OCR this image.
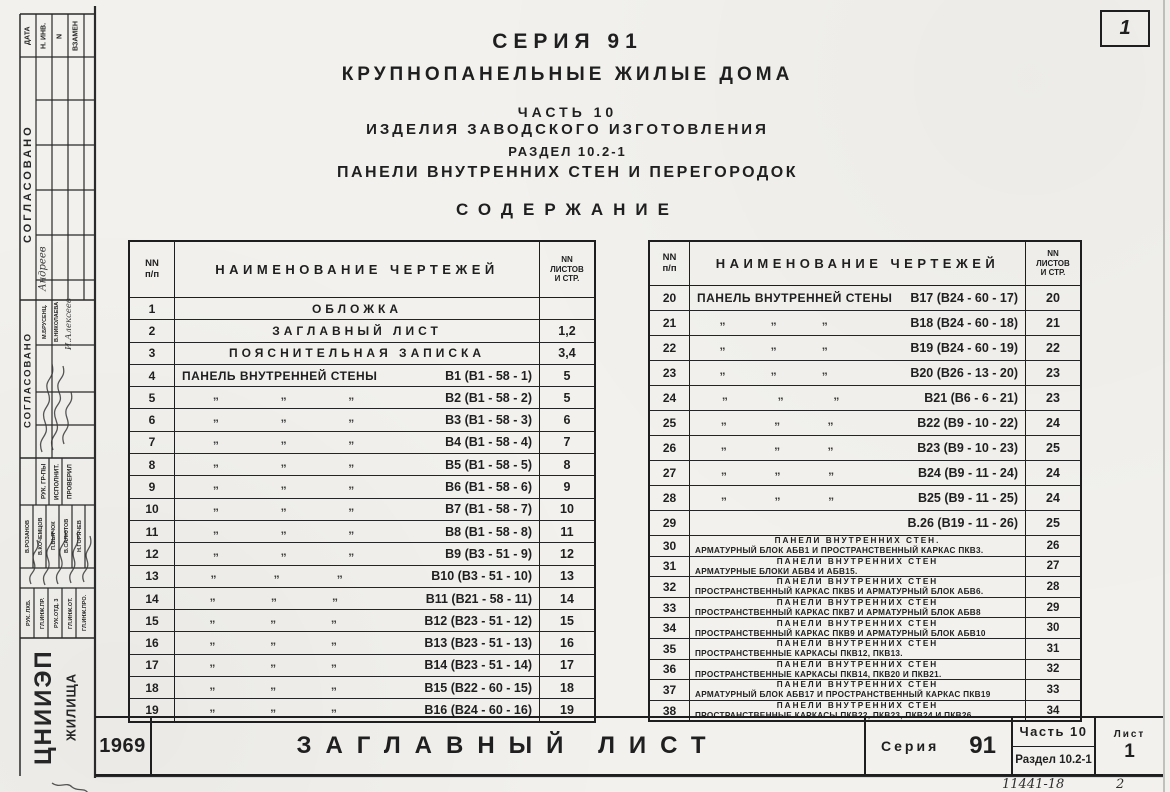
1
СЕРИЯ 91
КРУПНОПАНЕЛЬНЫЕ ЖИЛЫЕ ДОМА
ЧАСТЬ 10
ИЗДЕЛИЯ ЗАВОДСКОГО ИЗГОТОВЛЕНИЯ
РАЗДЕЛ 10.2-1
ПАНЕЛИ ВНУТРЕННИХ СТЕН И ПЕРЕГОРОДОК
СОДЕРЖАНИЕ
NN
п/п	НАИМЕНОВАНИЕ ЧЕРТЕЖЕЙ
NN
ЛИСТОВ
И СТР.
1	ОБЛОЖКА
2	ЗАГЛАВНЫЙ ЛИСТ	1,2
3	ПОЯСНИТЕЛЬНАЯ ЗАПИСКА	3,4
4	ПАНЕЛЬ ВНУТРЕННЕЙ СТЕНЫ	В1 (В1 - 58 - 1)	5
5	„	„	„	В2 (В1 - 58 - 2)	5
6	„	„	„	В3 (В1 - 58 - 3)	6
7	„	„	„	В4 (В1 - 58 - 4)	7
8	„	„	„	В5 (В1 - 58 - 5)	8
9	„	„	„	В6 (В1 - 58 - 6)	9
10	„	„	„	В7 (В1 - 58 - 7)	10
11	„	„	„	В8 (В1 - 58 - 8)	11
12	„	„	„	В9 (В3 - 51 - 9)	12
13	„	„	„	В10 (В3 - 51 - 10)	13
14	„	„	„	В11 (В21 - 58 - 11)	14
15	„	„	„	В12 (В23 - 51 - 12)	15
16	„	„	„	В13 (В23 - 51 - 13)	16
17	„	„	„	В14 (В23 - 51 - 14)	17
18	„	„	„	В15 (В22 - 60 - 15)	18
19	„	„	„	В16 (В24 - 60 - 16)	19
NN
п/п	НАИМЕНОВАНИЕ ЧЕРТЕЖЕЙ
NN
ЛИСТОВ
И СТР.
20	ПАНЕЛЬ ВНУТРЕННЕЙ СТЕНЫ В17 (В24 - 60 - 17)	20
21	„	„	„	В18 (В24 - 60 - 18)	21
22	„	„	„	В19 (В24 - 60 - 19)	22
23	„	„	„	В20 (В26 - 13 - 20)	23
24	„	„	„	В21 (В6 - 6 - 21)	23
25	„	„	„	В22 (В9 - 10 - 22)	24
26	„	„	„	В23 (В9 - 10 - 23)	25
27	„	„	„	В24 (В9 - 11 - 24)	24
28	„	„	„	В25 (В9 - 11 - 25)	24
29	В.26 (В19 - 11 - 26)	25
30	ПАНЕЛИ ВНУТРЕННИХ СТЕН.
АРМАТУРНЫЙ БЛОК АБВ1 И ПРОСТРАНСТВЕННЫЙ КАРКАС ПКВ3.	26
31	ПАНЕЛИ ВНУТРЕННИХ СТЕН
АРМАТУРНЫЕ БЛОКИ АБВ4 И АБВ15.	27
32	ПАНЕЛИ ВНУТРЕННИХ СТЕН
ПРОСТРАНСТВЕННЫЙ КАРКАС ПКВ5 И АРМАТУРНЫЙ БЛОК АБВ6.	28
33	ПАНЕЛИ ВНУТРЕННИХ СТЕН
ПРОСТРАНСТВЕННЫЙ КАРКАС ПКВ7 И АРМАТУРНЫЙ БЛОК АБВ8	29
34	ПАНЕЛИ ВНУТРЕННИХ СТЕН
ПРОСТРАНСТВЕННЫЙ КАРКАС ПКВ9 И АРМАТУРНЫЙ БЛОК АБВ10	30
35	ПАНЕЛИ ВНУТРЕННИХ СТЕН
ПРОСТРАНСТВЕННЫЕ КАРКАСЫ ПКВ12, ПКВ13.	31
36	ПАНЕЛИ ВНУТРЕННИХ СТЕН
ПРОСТРАНСТВЕННЫЕ КАРКАСЫ ПКВ14, ПКВ20 И ПКВ21.	32
37	ПАНЕЛИ ВНУТРЕННИХ СТЕН
АРМАТУРНЫЙ БЛОК АБВ17 И ПРОСТРАНСТВЕННЫЙ КАРКАС ПКВ19	33
38	ПАНЕЛИ ВНУТРЕННИХ СТЕН
ПРОСТРАНСТВЕННЫЕ КАРКАСЫ ПКВ22, ПКВ23, ПКВ24 И ПКВ26.	34
1969	ЗАГЛАВНЫЙ ЛИСТ	Серия 91
Часть 10
Раздел 10.2-1
Лист
1
11441-18	2
ДАТА	Н. ИНВ.	N	ВЗАМЕН
СОГЛАСОВАНО
СОГЛАСОВАНО
Андреев
М.БРУСЕНЦ.	В.НИКОЛАЕВА И.Алексеев
РУК. ГР-ПЫ ИСПОЛНИТ. ПРОВЕРИЛ
В.РОЗАНОВ	В.КОЧЕМЦОВ	П.ВЬЯЧОК	В.САЛЮТОВ	Н.ГОРЯЧЕВ
РУК. ЛХБ.	ГЛ.ИНЖ.ПР.	РУК.ОТД. 3	ГЛ.ИНЖ.ОТ.	ГЛ.ИНЖ.ПРО.
ЦНИИЭП ЖИЛИЩА
